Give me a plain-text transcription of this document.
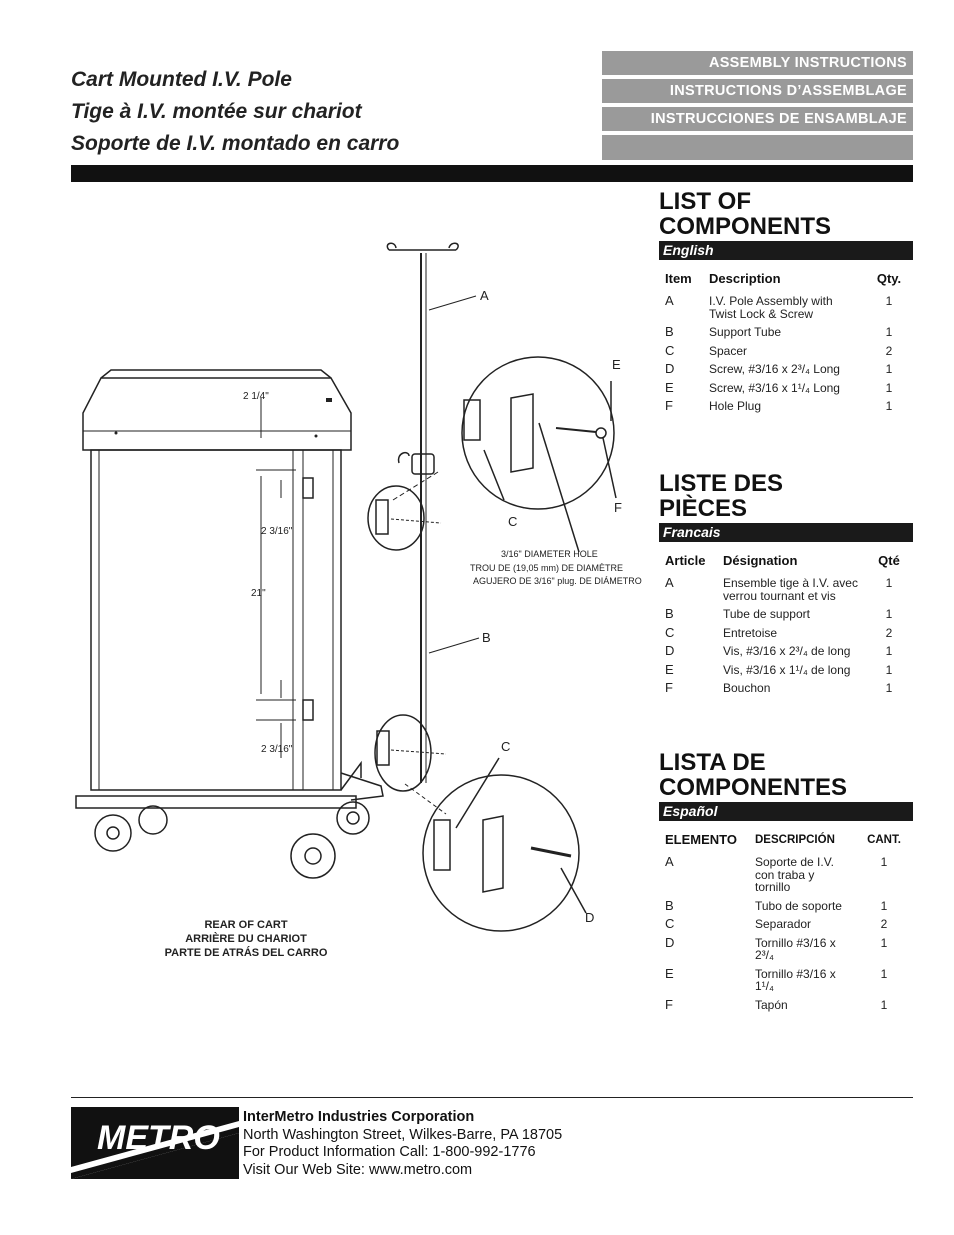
Cart Mounted I.V. Pole
Tige à I.V. montée sur chariot
Soporte de I.V. montado en carro
ASSEMBLY INSTRUCTIONS
INSTRUCTIONS D’ASSEMBLAGE
INSTRUCCIONES DE ENSAMBLAJE
A
B
C
D
E
F
C
2 1/4"
2 3/16"
21"
2 3/16"
3/16" DIAMETER HOLE
TROU DE (19,05 mm) DE DIAMÈTRE
AGUJERO DE 3/16" plug. DE DIÁMETRO
REAR OF CART
ARRIÈRE DU CHARIOT
PARTE DE ATRÁS DEL CARRO
LIST OF
COMPONENTS
English
Item	Description	Qty.
A	I.V. Pole Assembly with Twist Lock & Screw	1
B	Support Tube	1
C	Spacer	2
D	Screw, #3/16 x 2³/₄ Long	1
E	Screw, #3/16 x 1¹/₄ Long	1
F	Hole Plug	1
LISTE DES
PIÈCES
Francais
Article	Désignation	Qté
A	Ensemble tige à I.V. avec verrou tournant et vis	1
B	Tube de support	1
C	Entretoise	2
D	Vis, #3/16 x 2³/₄ de long	1
E	Vis, #3/16 x 1¹/₄ de long	1
F	Bouchon	1
LISTA DE
COMPONENTES
Español
ELEMENTO	DESCRIPCIÓN	CANT.
A	Soporte de I.V. con traba y tornillo	1
B	Tubo de soporte	1
C	Separador	2
D	Tornillo #3/16 x 2³/₄	1
E	Tornillo #3/16 x 1¹/₄	1
F	Tapón	1
METRO
InterMetro Industries Corporation
North Washington Street, Wilkes-Barre, PA 18705
For Product Information Call: 1-800-992-1776
Visit Our Web Site: www.metro.com
